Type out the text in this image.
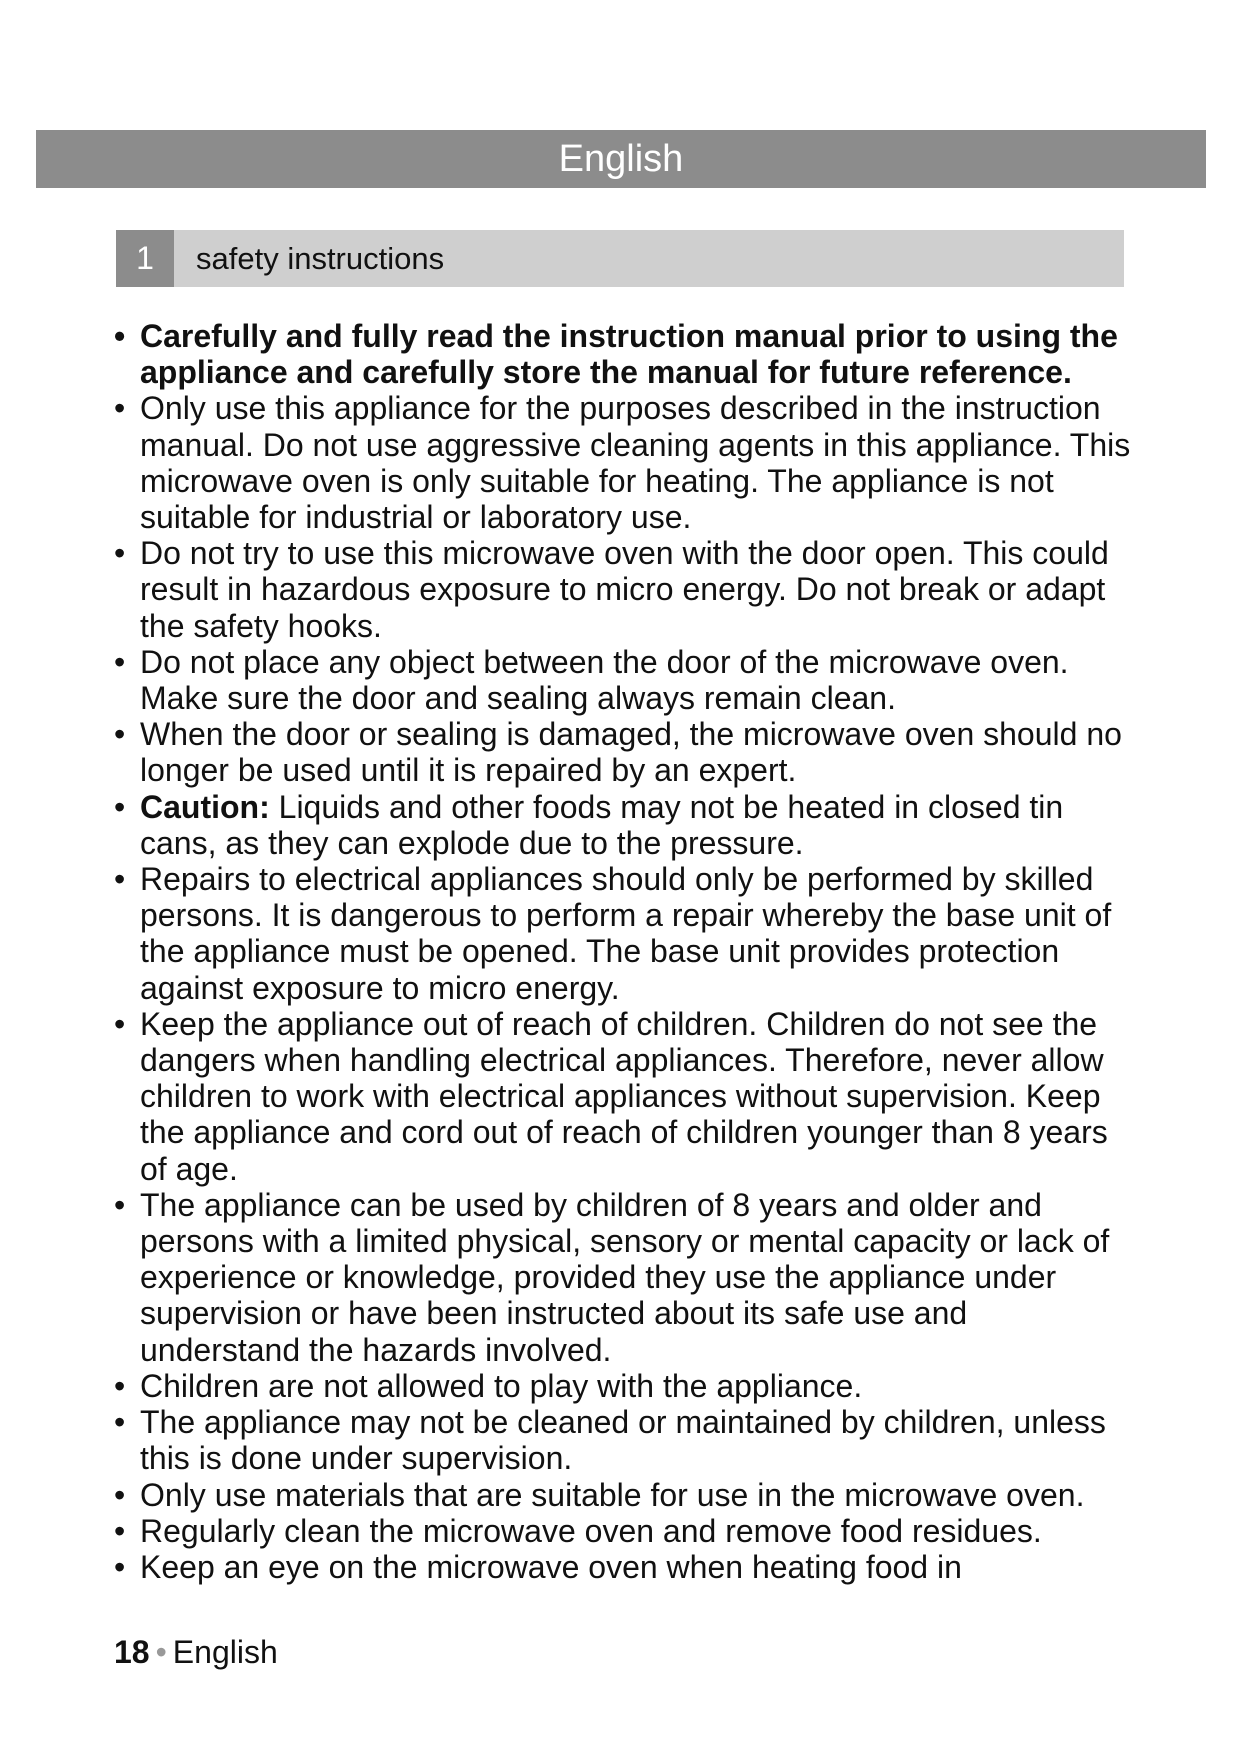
English
1	safety instructions
• Carefully and fully read the instruction manual prior to using the appliance and carefully store the manual for future reference.
• Only use this appliance for the purposes described in the instruction manual. Do not use aggressive cleaning agents in this appliance. This microwave oven is only suitable for heating. The appliance is not suitable for industrial or laboratory use.
• Do not try to use this microwave oven with the door open. This could result in hazardous exposure to micro energy. Do not break or adapt the safety hooks.
• Do not place any object between the door of the microwave oven. Make sure the door and sealing always remain clean.
• When the door or sealing is damaged, the microwave oven should no longer be used until it is repaired by an expert.
• Caution: Liquids and other foods may not be heated in closed tin cans, as they can explode due to the pressure.
• Repairs to electrical appliances should only be performed by skilled persons. It is dangerous to perform a repair whereby the base unit of the appliance must be opened. The base unit provides protection against exposure to micro energy.
• Keep the appliance out of reach of children. Children do not see the dangers when handling electrical appliances. Therefore, never allow children to work with electrical appliances without supervision. Keep the appliance and cord out of reach of children younger than 8 years of age.
• The appliance can be used by children of 8 years and older and persons with a limited physical, sensory or mental capacity or lack of experience or knowledge, provided they use the appliance under supervision or have been instructed about its safe use and understand the hazards involved.
• Children are not allowed to play with the appliance.
• The appliance may not be cleaned or maintained by children, unless this is done under supervision.
• Only use materials that are suitable for use in the microwave oven.
• Regularly clean the microwave oven and remove food residues.
• Keep an eye on the microwave oven when heating food in
18 • English
